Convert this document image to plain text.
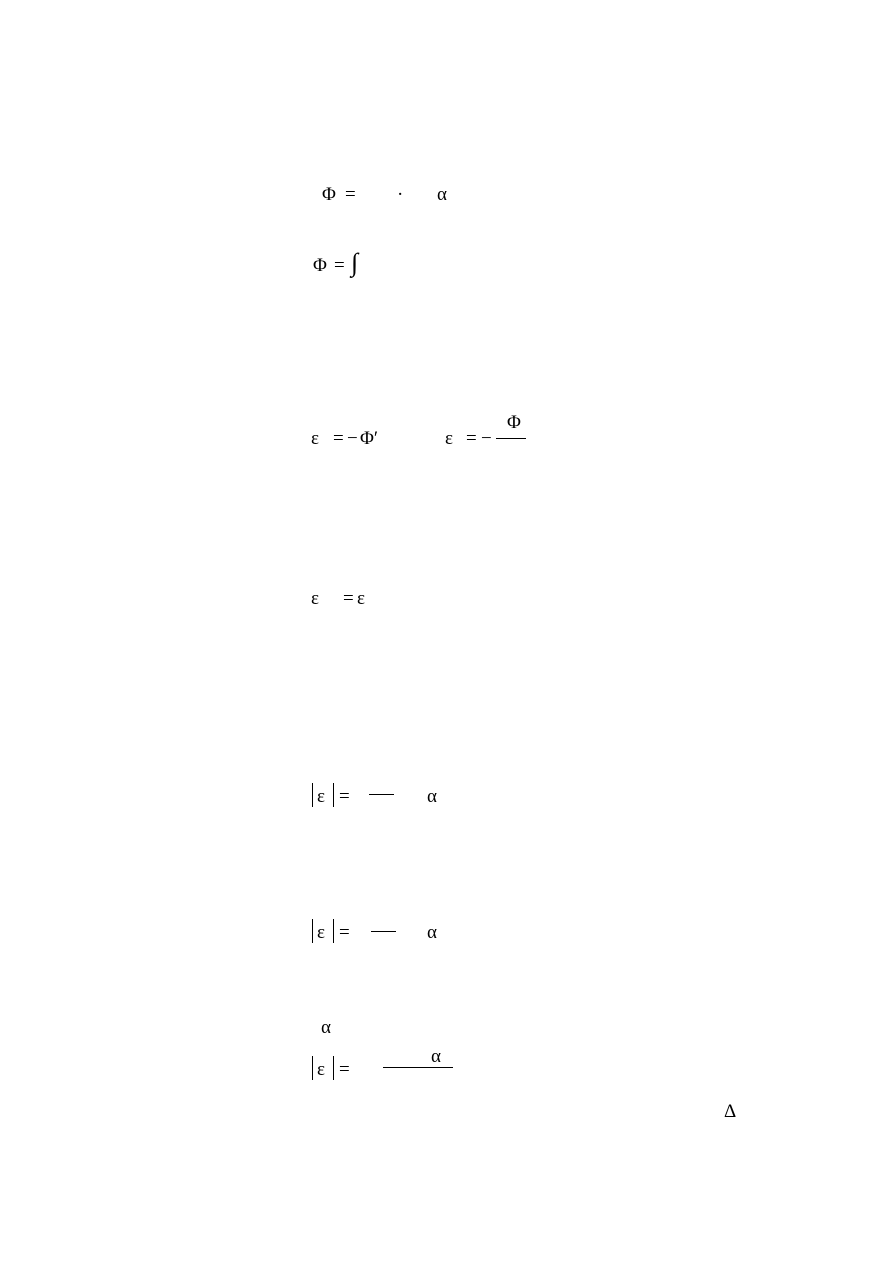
Φ = · α
Φ = ∫
ε = − Φ′	ε = −
Φ
ε = ε
ε =	α
ε =	α
α
ε =
α
Δ
